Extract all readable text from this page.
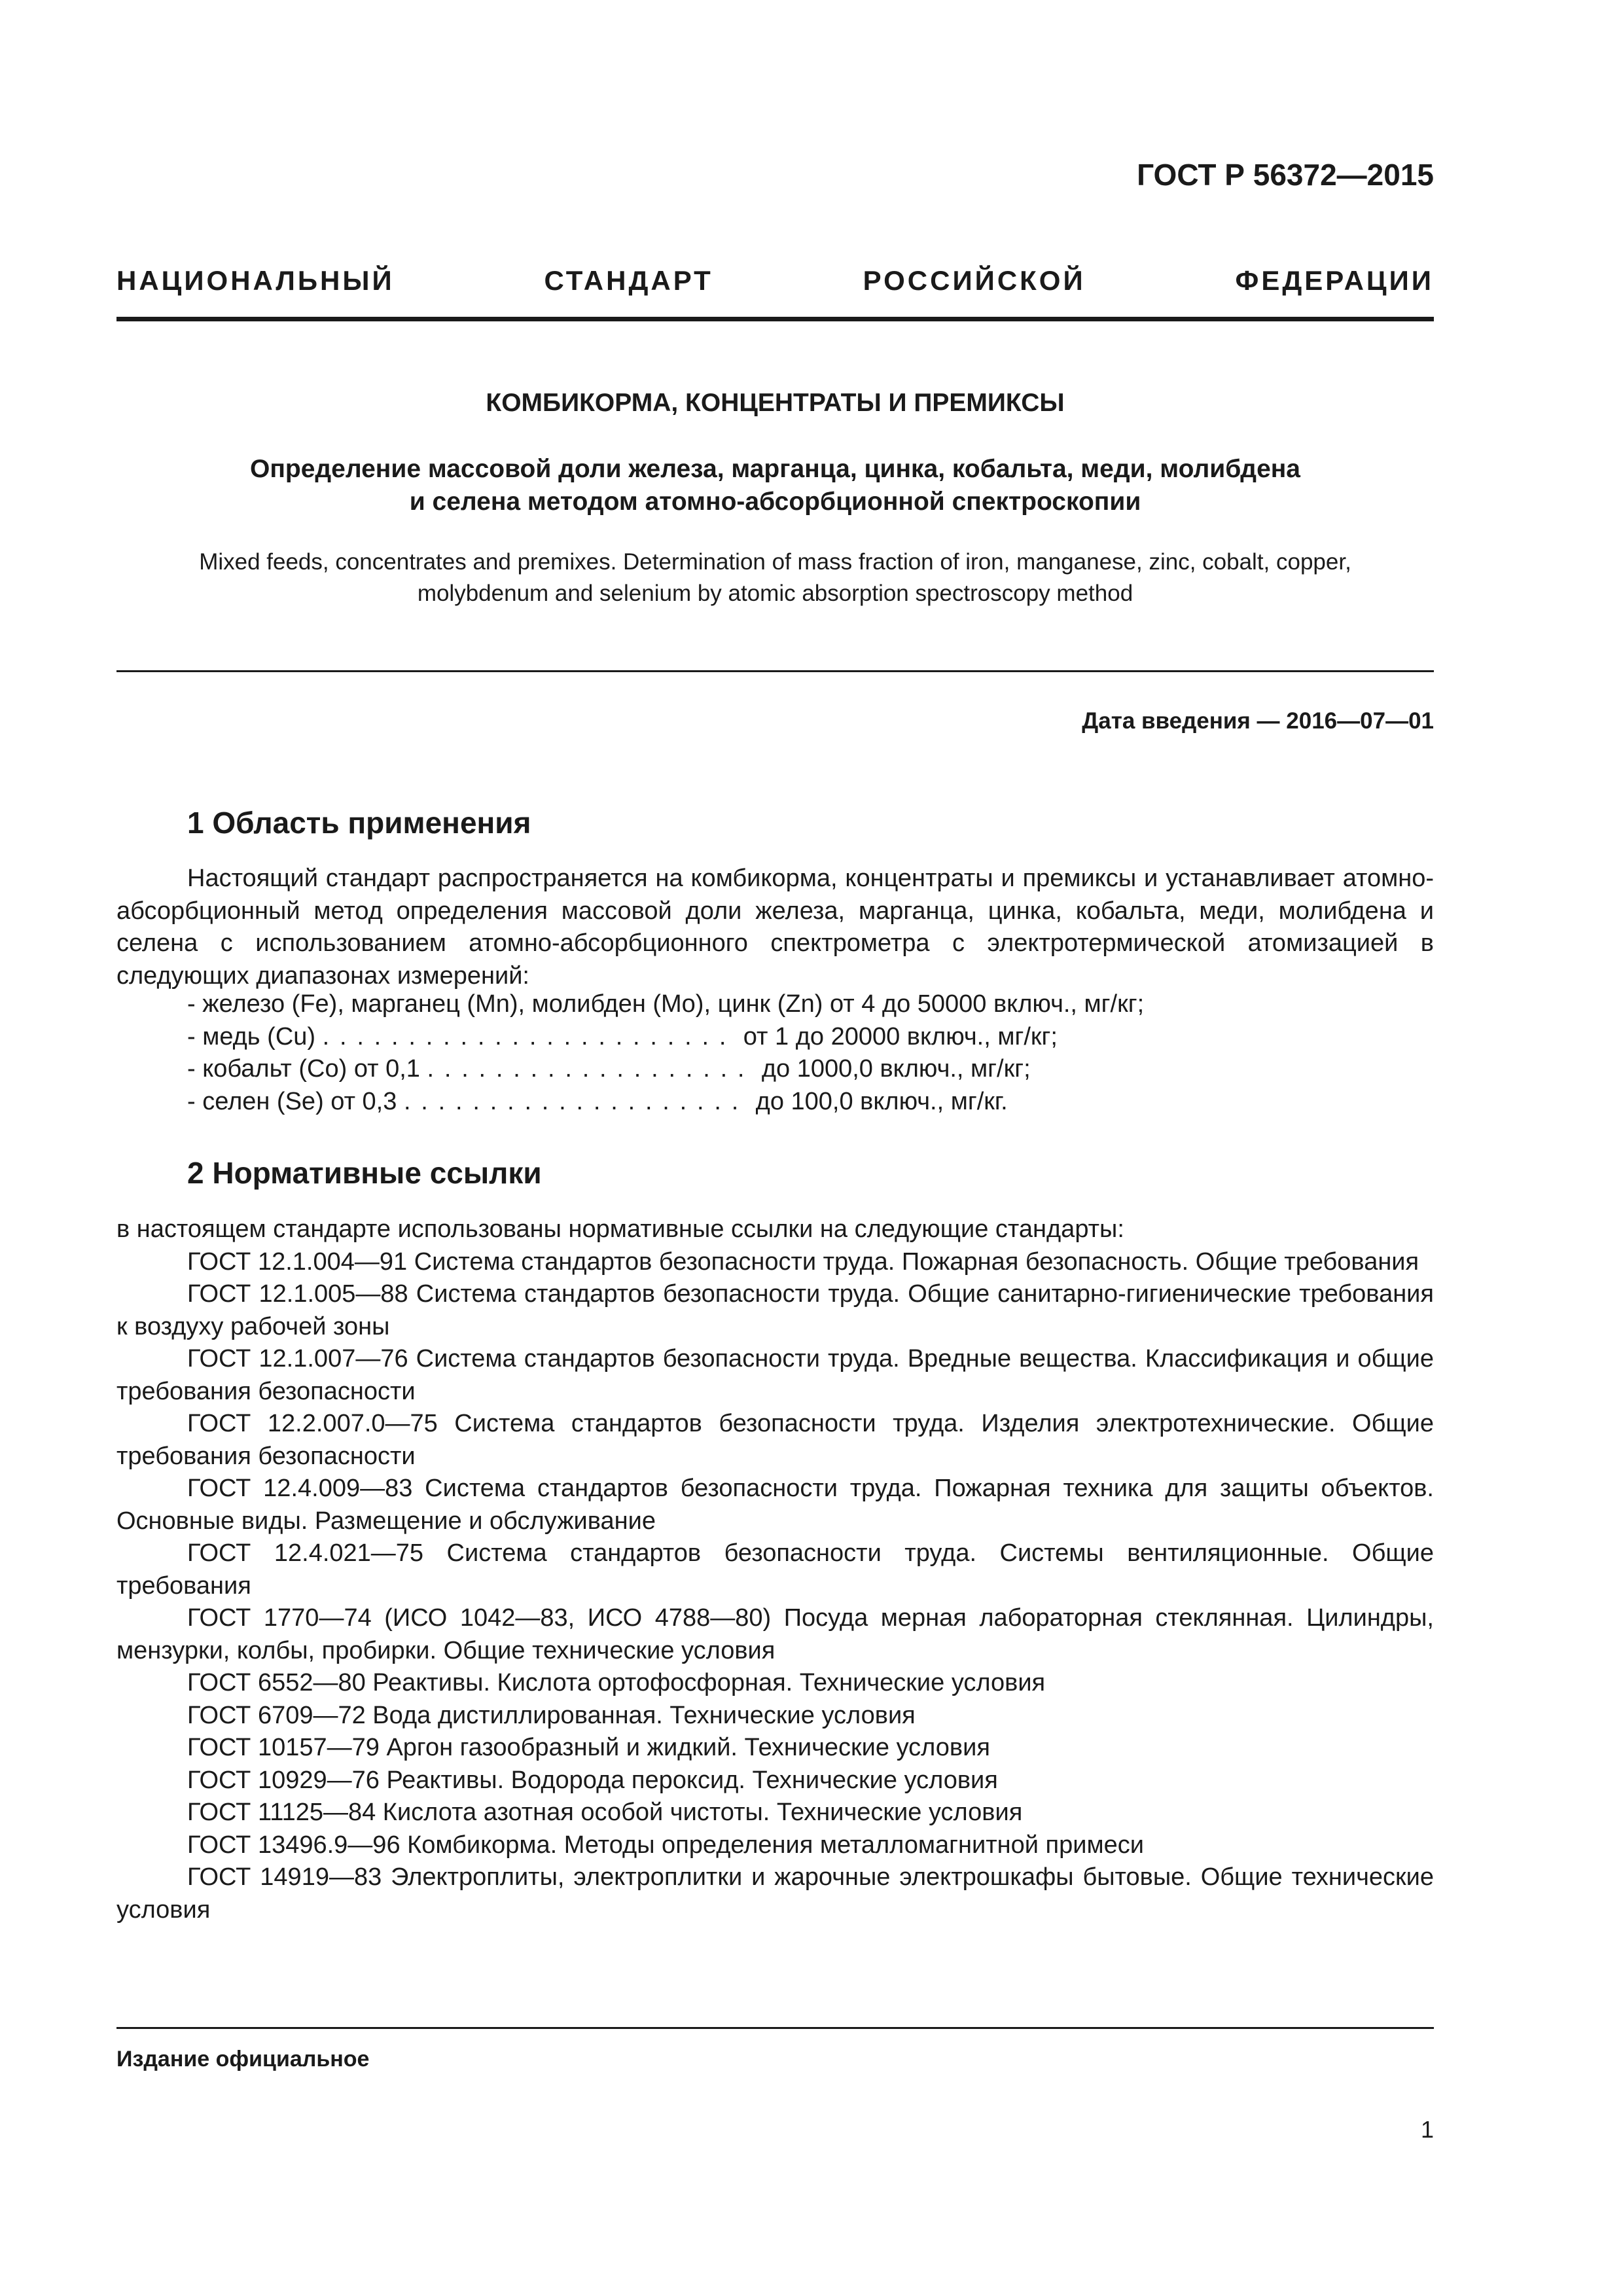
ГОСТ Р 56372—2015

НАЦИОНАЛЬНЫЙ СТАНДАРТ РОССИЙСКОЙ ФЕДЕРАЦИИ

КОМБИКОРМА, КОНЦЕНТРАТЫ И ПРЕМИКСЫ

Определение массовой доли железа, марганца, цинка, кобальта, меди, молибдена
и селена методом атомно-абсорбционной спектроскопии
Mixed feeds, concentrates and premixes. Determination of mass fraction of iron, manganese, zinc, cobalt, copper,
molybdenum and selenium by atomic absorption spectroscopy method

Дата введения — 2016—07—01

1 Область применения

Настоящий стандарт распространяется на комбикорма, концентраты и премиксы и устанавливает атомно-абсорбционный метод определения массовой доли железа, марганца, цинка, кобальта, меди, молибдена и селена с использованием атомно-абсорбционного спектрометра с электротермической атомизацией в следующих диапазонах измерений:

- железо (Fe), марганец (Mn), молибден (Mo), цинк (Zn) от 4 до 50000 включ., мг/кг;
- медь (Cu) ........................ от 1 до 20000 включ., мг/кг;
- кобальт (Co) от 0,1 ................... до 1000,0 включ., мг/кг;
- селен (Se) от 0,3 .................... до 100,0 включ., мг/кг.
2 Нормативные ссылки
в настоящем стандарте использованы нормативные ссылки на следующие стандарты:
ГОСТ 12.1.004—91 Система стандартов безопасности труда. Пожарная безопасность. Общие требования
ГОСТ 12.1.005—88 Система стандартов безопасности труда. Общие санитарно-гигиенические требования к воздуху рабочей зоны
ГОСТ 12.1.007—76 Система стандартов безопасности труда. Вредные вещества. Классификация и общие требования безопасности
ГОСТ 12.2.007.0—75 Система стандартов безопасности труда. Изделия электротехнические. Общие требования безопасности
ГОСТ 12.4.009—83 Система стандартов безопасности труда. Пожарная техника для защиты объектов. Основные виды. Размещение и обслуживание
ГОСТ 12.4.021—75 Система стандартов безопасности труда. Системы вентиляционные. Общие требования
ГОСТ 1770—74 (ИСО 1042—83, ИСО 4788—80) Посуда мерная лабораторная стеклянная. Цилиндры, мензурки, колбы, пробирки. Общие технические условия
ГОСТ 6552—80 Реактивы. Кислота ортофосфорная. Технические условия
ГОСТ 6709—72 Вода дистиллированная. Технические условия
ГОСТ 10157—79 Аргон газообразный и жидкий. Технические условия
ГОСТ 10929—76 Реактивы. Водорода пероксид. Технические условия
ГОСТ 11125—84 Кислота азотная особой чистоты. Технические условия
ГОСТ 13496.9—96 Комбикорма. Методы определения металломагнитной примеси
ГОСТ 14919—83 Электроплиты, электроплитки и жарочные электрошкафы бытовые. Общие технические условия

Издание официальное

1
